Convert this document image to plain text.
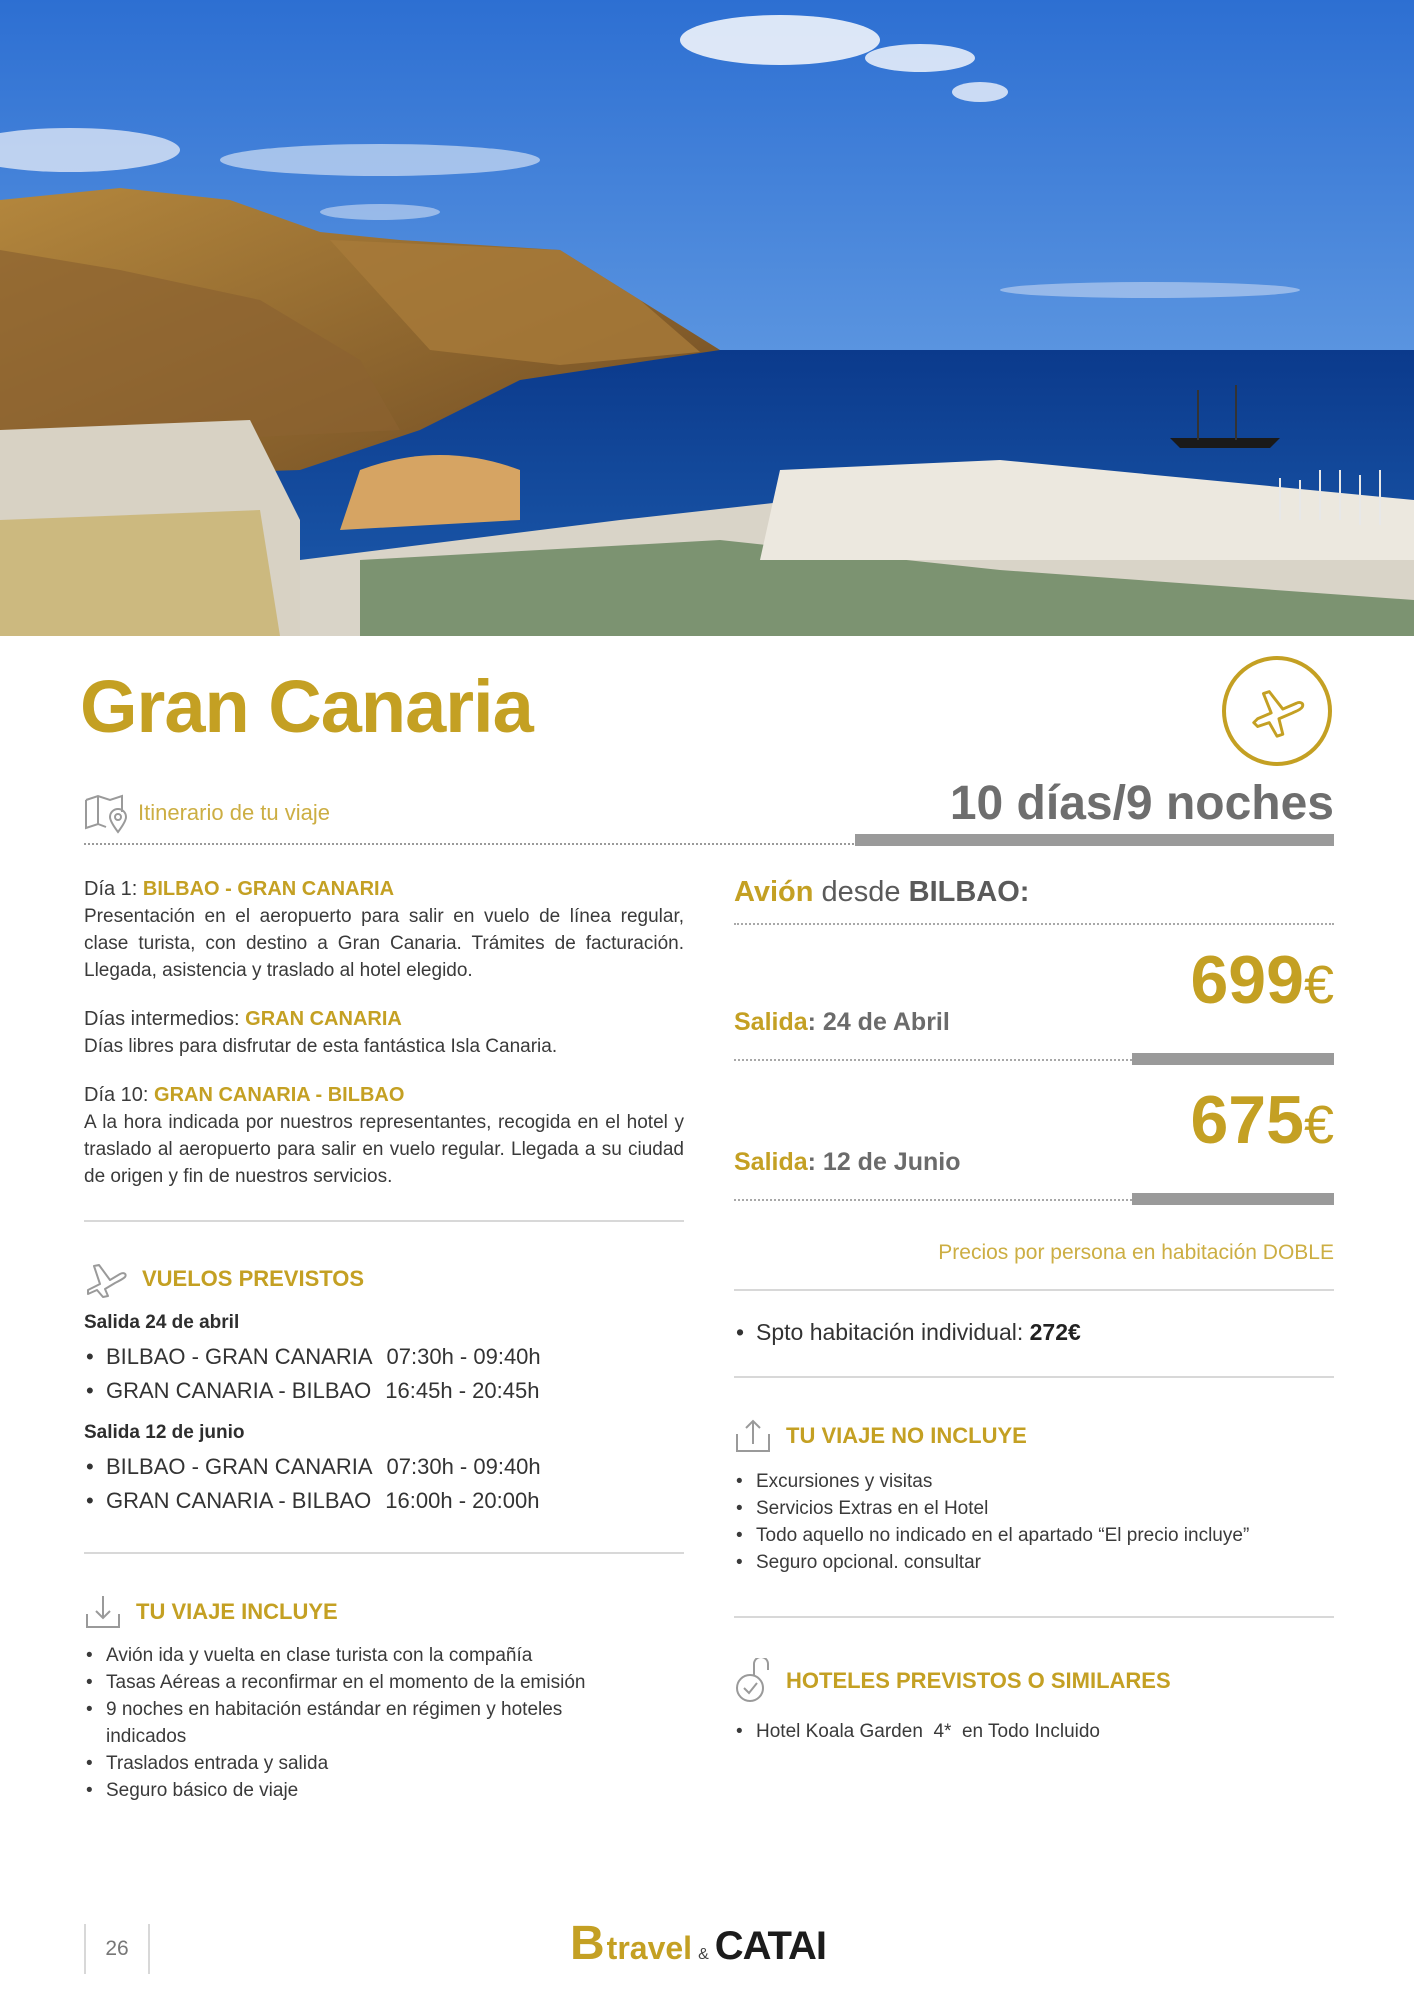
Gran Canaria
Itinerario de tu viaje	10 días/9 noches
Día 1: BILBAO - GRAN CANARIA

Presentación en el aeropuerto para salir en vuelo de línea regular, clase turista, con destino a Gran Canaria. Trámites de facturación. Llegada, asistencia y traslado al hotel elegido.

Días intermedios: GRAN CANARIA

Días libres para disfrutar de esta fantástica Isla Canaria.

Día 10: GRAN CANARIA - BILBAO

A la hora indicada por nuestros representantes, recogida en el hotel y traslado al aeropuerto para salir en vuelo regular. Llegada a su ciudad de origen y fin de nuestros servicios.

VUELOS PREVISTOS
Salida 24 de abril
• BILBAO - GRAN CANARIA 07:30h - 09:40h
• GRAN CANARIA - BILBAO 16:45h - 20:45h
Salida 12 de junio
• BILBAO - GRAN CANARIA 07:30h - 09:40h
• GRAN CANARIA - BILBAO 16:00h - 20:00h
TU VIAJE INCLUYE
• Avión ida y vuelta en clase turista con la compañía
• Tasas Aéreas a reconfirmar en el momento de la emisión
• 9 noches en habitación estándar en régimen y hoteles indicados
• Traslados entrada y salida
• Seguro básico de viaje
Avión desde BILBAO:
Salida: 24 de Abril
699€
Salida: 12 de Junio
675€
Precios por persona en habitación DOBLE
• Spto habitación individual: 272€
TU VIAJE NO INCLUYE
• Excursiones y visitas
• Servicios Extras en el Hotel
• Todo aquello no indicado en el apartado “El precio incluye”
• Seguro opcional. consultar
HOTELES PREVISTOS O SIMILARES
• Hotel Koala Garden  4*  en Todo Incluido
26	B travel & CATAI
